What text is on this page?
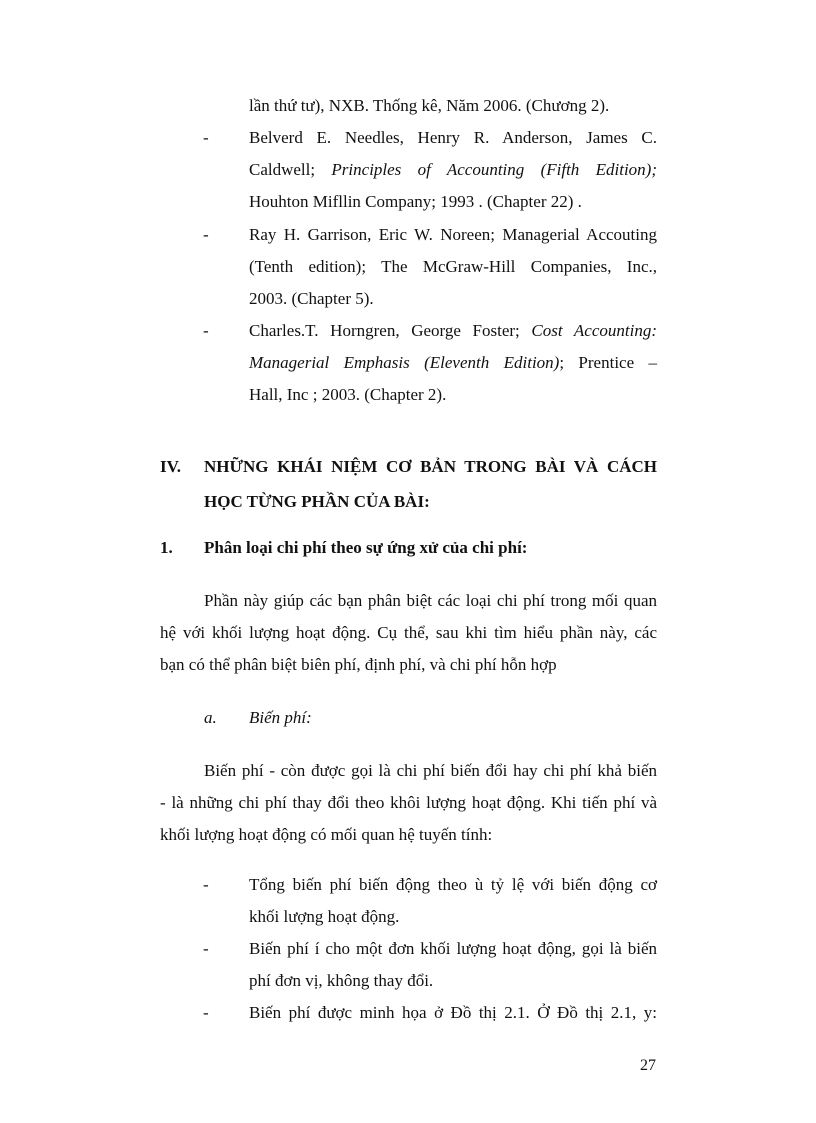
lần thứ tư), NXB. Thống kê, Năm 2006. (Chương 2).
- Belverd E. Needles, Henry R. Anderson, James C.
Caldwell; Principles of Accounting (Fifth Edition);
Houhton Mifllin Company; 1993 . (Chapter 22) .
- Ray H. Garrison, Eric W. Noreen; Managerial Accouting
(Tenth edition); The McGraw-Hill Companies, Inc.,
2003. (Chapter 5).
- Charles.T. Horngren, George Foster; Cost Accounting:
Managerial Emphasis (Eleventh Edition); Prentice –
Hall, Inc ; 2003. (Chapter 2).
IV. NHỮNG KHÁI NIỆM CƠ BẢN TRONG BÀI VÀ CÁCH
HỌC TỪNG PHẦN CỦA BÀI:
1. Phân loại chi phí theo sự ứng xử của chi phí:
Phần này giúp các bạn phân biệt các loại chi phí trong mối quan
hệ với khối lượng hoạt động. Cụ thể, sau khi tìm hiểu phần này, các
bạn có thể phân biệt biên phí, định phí, và chi phí hỗn hợp
a. Biến phí:
Biến phí - còn được gọi là chi phí biến đổi hay chi phí khả biến
- là những chi phí thay đổi theo khôi lượng hoạt động. Khi tiến phí và
khối lượng hoạt động có mối quan hệ tuyến tính:
- Tổng biến phí biến động theo ù tỷ lệ với biến động cơ
khối lượng hoạt động.
- Biến phí í cho một đơn khối lượng hoạt động, gọi là biến
phí đơn vị, không thay đổi.
- Biến phí được minh họa ở Đồ thị 2.1. Ở Đồ thị 2.1, y:
27
